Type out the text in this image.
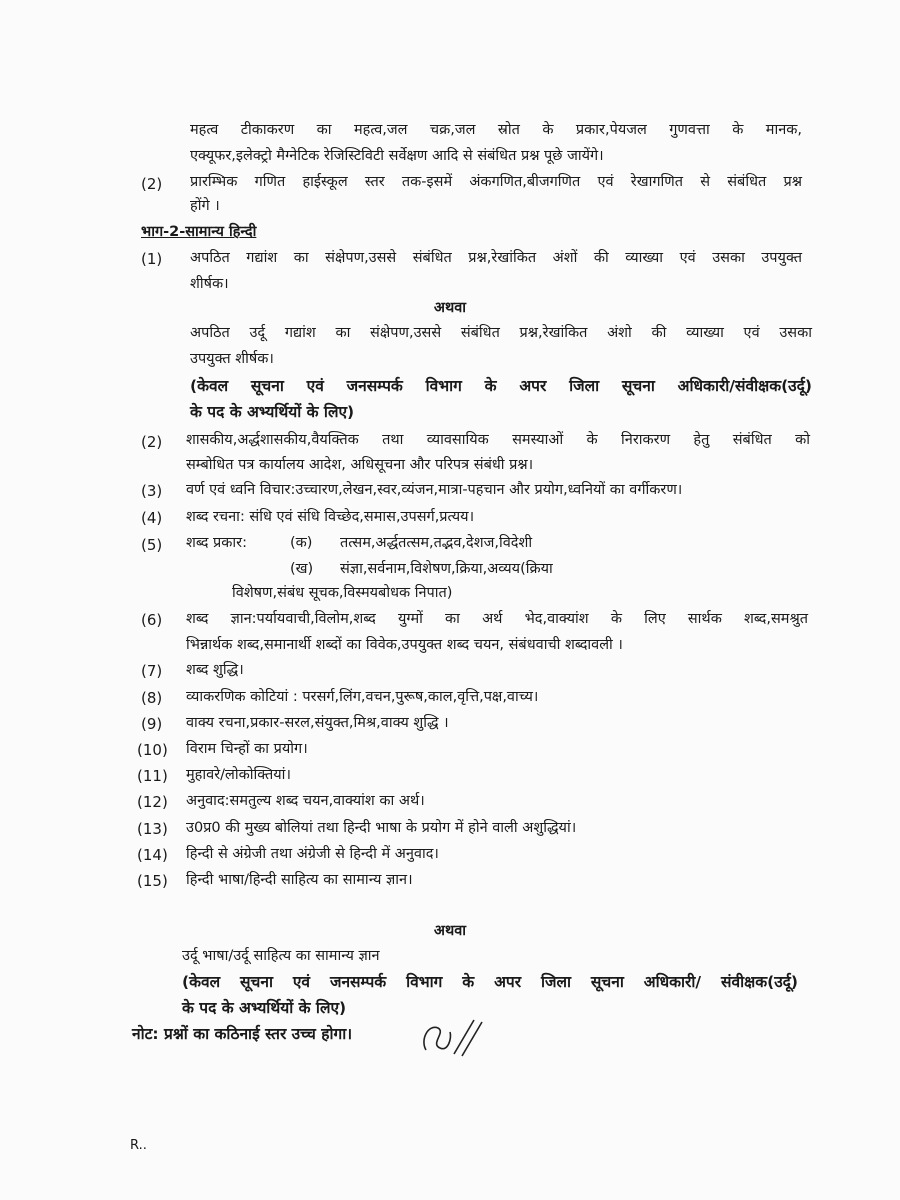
महत्व टीकाकरण का महत्व,जल चक्र,जल स्रोत के प्रकार,पेयजल गुणवत्ता के मानक,
एक्यूफर,इलेक्ट्रो मैग्नेटिक रेजिस्टिविटी सर्वेक्षण आदि से संबंधित प्रश्न पूछे जायेंगे।
(2) प्रारम्भिक गणित हाईस्कूल स्तर तक-इसमें अंकगणित,बीजगणित एवं रेखागणित से संबंधित प्रश्न
होंगे ।
भाग-2-सामान्य हिन्दी
(1) अपठित गद्यांश का संक्षेपण,उससे संबंधित प्रश्न,रेखांकित अंशों की व्याख्या एवं उसका उपयुक्त
शीर्षक।
अथवा
अपठित उर्दू गद्यांश का संक्षेपण,उससे संबंधित प्रश्न,रेखांकित अंशो की व्याख्या एवं उसका
उपयुक्त शीर्षक।
(केवल सूचना एवं जनसम्पर्क विभाग के अपर जिला सूचना अधिकारी/संवीक्षक(उर्दू)
के पद के अभ्यर्थियों के लिए)
(2) शासकीय,अर्द्धशासकीय,वैयक्तिक तथा व्यावसायिक समस्याओं के निराकरण हेतु संबंधित को
सम्बोधित पत्र कार्यालय आदेश, अधिसूचना और परिपत्र संबंधी प्रश्न।
(3) वर्ण एवं ध्वनि विचार:उच्चारण,लेखन,स्वर,व्यंजन,मात्रा-पहचान और प्रयोग,ध्वनियों का वर्गीकरण।
(4) शब्द रचना: संधि एवं संधि विच्छेद,समास,उपसर्ग,प्रत्यय।
(5) शब्द प्रकार:	(क) तत्सम,अर्द्धतत्सम,तद्भव,देशज,विदेशी
(ख) संज्ञा,सर्वनाम,विशेषण,क्रिया,अव्यय(क्रिया
विशेषण,संबंध सूचक,विस्मयबोधक निपात)
(6) शब्द ज्ञान:पर्यायवाची,विलोम,शब्द युग्मों का अर्थ भेद,वाक्यांश के लिए सार्थक शब्द,समश्रुत
भिन्नार्थक शब्द,समानार्थी शब्दों का विवेक,उपयुक्त शब्द चयन, संबंधवाची शब्दावली ।
(7) शब्द शुद्धि।
(8) व्याकरणिक कोटियां : परसर्ग,लिंग,वचन,पुरूष,काल,वृत्ति,पक्ष,वाच्य।
(9) वाक्य रचना,प्रकार-सरल,संयुक्त,मिश्र,वाक्य शुद्धि ।
(10) विराम चिन्हों का प्रयोग।
(11) मुहावरे/लोकोक्तियां।
(12) अनुवाद:समतुल्य शब्द चयन,वाक्यांश का अर्थ।
(13) उ0प्र0 की मुख्य बोलियां तथा हिन्दी भाषा के प्रयोग में होने वाली अशुद्धियां।
(14) हिन्दी से अंग्रेजी तथा अंग्रेजी से हिन्दी में अनुवाद।
(15) हिन्दी भाषा/हिन्दी साहित्य का सामान्य ज्ञान।
अथवा
उर्दू भाषा/उर्दू साहित्य का सामान्य ज्ञान
(केवल सूचना एवं जनसम्पर्क विभाग के अपर जिला सूचना अधिकारी/ संवीक्षक(उर्दू)
के पद के अभ्यर्थियों के लिए)
नोट: प्रश्नों का कठिनाई स्तर उच्च होगा।
R..
